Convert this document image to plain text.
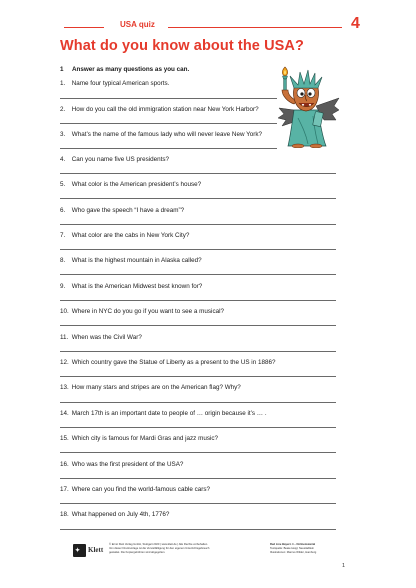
USA quiz	4
What do you know about the USA?
1 Answer as many questions as you can.
1. Name four typical American sports.
2. How do you call the old immigration station near New York Harbor?
3. What’s the name of the famous lady who will never leave New York?
4. Can you name five US presidents?
5. What color is the American president’s house?
6. Who gave the speech “I have a dream”?
7. What color are the cabs in New York City?
8. What is the highest mountain in Alaska called?
9. What is the American Midwest best known for?
10. Where in NYC do you go if you want to see a musical?
11. When was the Civil War?
12. Which country gave the Statue of Liberty as a present to the US in 1886?
13. How many stars and stripes are on the American flag? Why?
14. March 17th is an important date to people of … origin because it’s … .
15. Which city is famous for Mardi Gras and jazz music?
16. Who was the first president of the USA?
17. Where can you find the world-famous cable cars?
18. What happened on July 4th, 1776?
✦ Klett

© Ernst Klett Verlag GmbH, Stuttgart 2020 | www.klett.de | Alle Rechte vorbehalten.

Von dieser Druckvorlage ist die Vervielfältigung für den eigenen Unterrichtsgebrauch

gestattet. Die Kopiergebühren sind abgegolten.

Red Line Bayern 4 – Onlinematerial

Textquelle: Beate Heigl, Neustädtlein

Illustrationen: Marcus Wilder, Hamburg

1
